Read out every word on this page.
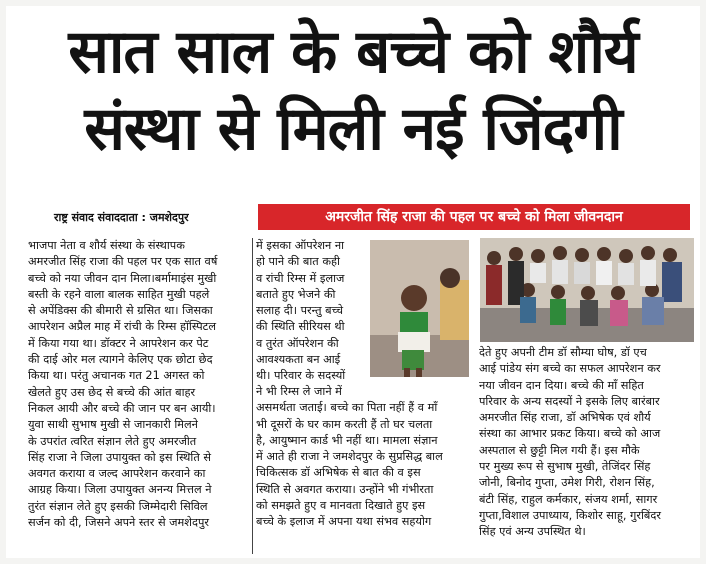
सात साल के बच्चे को शौर्य
संस्था से मिली नई जिंदगी
राष्ट्र संवाद संवाददाता : जमशेदपुर	अमरजीत सिंह राजा की पहल पर बच्चे को मिला जीवनदान
भाजपा नेता व शौर्य संस्था के संस्थापक
अमरजीत सिंह राजा की पहल पर एक सात वर्ष
बच्चे को नया जीवन दान मिला।बर्मामाइंस मुखी
बस्ती के रहने वाला बालक साहित मुखी पहले
से अपेंडिक्स की बीमारी से ग्रसित था। जिसका
आपरेशन अप्रैल माह में रांची के रिम्स हॉस्पिटल
में किया गया था। डॉक्टर ने आपरेशन कर पेट
की दाई ओर मल त्यागने केलिए एक छोटा छेद
किया था। परंतु अचानक गत 21 अगस्त को
खेलते हुए उस छेद से बच्चे की आंत बाहर
निकल आयी और बच्चे की जान पर बन आयी।
युवा साथी सुभाष मुखी से जानकारी मिलने
के उपरांत त्वरित संज्ञान लेते हुए अमरजीत
सिंह राजा ने जिला उपायुक्त को इस स्थिति से
अवगत कराया व जल्द आपरेशन करवाने का
आग्रह किया। जिला उपायुक्त अनन्य मित्तल ने
तुरंत संज्ञान लेते हुए इसकी जिम्मेदारी सिविल
सर्जन को दी, जिसने अपने स्तर से जमशेदपुर
में इसका ऑपरेशन ना
हो पाने की बात कही
व रांची रिम्स में इलाज
बताते हुए भेजने की
सलाह दी। परन्तु बच्चे
की स्थिति सीरियस थी
व तुरंत ऑपरेशन की
आवश्यकता बन आई
थी। परिवार के सदस्यों
ने भी रिम्स ले जाने में
असमर्थता जताई। बच्चे का पिता नहीं हैं व माँ
भी दूसरों के घर काम करती हैं तो घर चलता
है, आयुष्मान कार्ड भी नहीं था। मामला संज्ञान
में आते ही राजा ने जमशेदपुर के सुप्रसिद्ध बाल
चिकित्सक डॉ अभिषेक से बात की व इस
स्थिति से अवगत कराया। उन्होंने भी गंभीरता
को समझते हुए व मानवता दिखाते हुए इस
बच्चे के इलाज में अपना यथा संभव सहयोग
देते हुए अपनी टीम डॉ सौम्या घोष, डॉ एच
आई पांडेय संग बच्चे का सफल आपरेशन कर
नया जीवन दान दिया। बच्चे की माँ सहित
परिवार के अन्य सदस्यों ने इसके लिए बारंबार
अमरजीत सिंह राजा, डॉ अभिषेक एवं शौर्य
संस्था का आभार प्रकट किया। बच्चे को आज
अस्पताल से छुट्टी मिल गयी हैं। इस मौके
पर मुख्य रूप से सुभाष मुखी, तेजिंदर सिंह
जोनी, बिनोद गुप्ता, उमेश गिरी, रोशन सिंह,
बंटी सिंह, राहुल कर्मकार, संजय शर्मा, सागर
गुप्ता,विशाल उपाध्याय, किशोर साहू, गुरबिंदर
सिंह एवं अन्य उपस्थित थे।
